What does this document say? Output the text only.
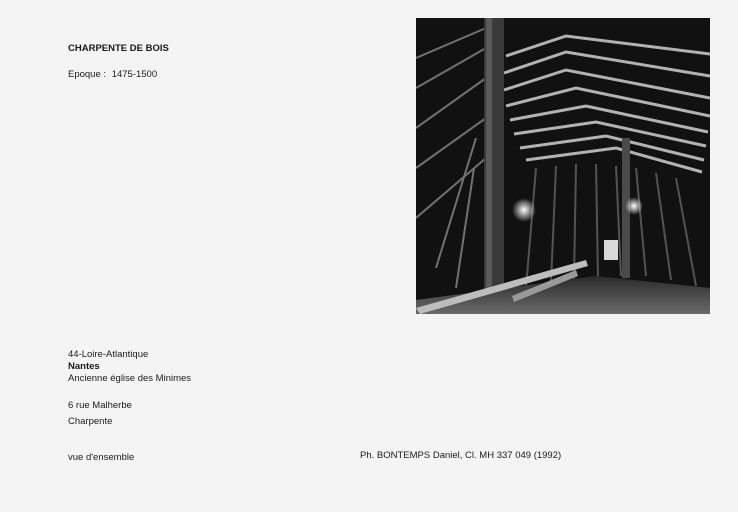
CHARPENTE DE BOIS
Epoque : 1475-1500
44-Loire-Atlantique
Nantes
Ancienne église des Minimes
6 rue Malherbe
Charpente
vue d'ensemble	Ph. BONTEMPS Daniel, Cl. MH 337 049 (1992)
